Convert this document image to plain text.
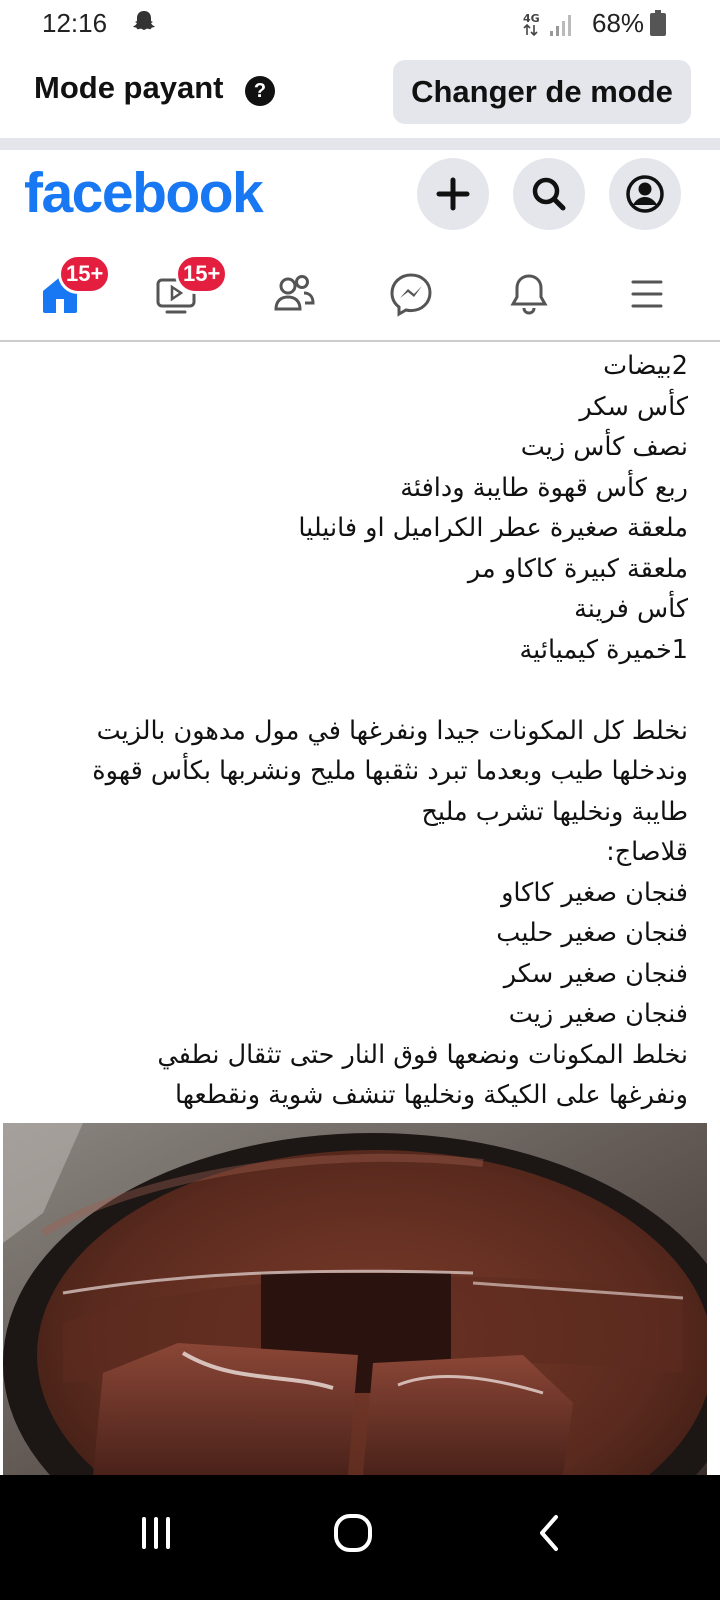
12:16	4G 68%
Mode payant	?	Changer de mode
facebook
15+	15+
2بيضات
كأس سكر
نصف كأس زيت
ربع كأس قهوة طايبة ودافئة
ملعقة صغيرة عطر الكراميل او فانيليا
ملعقة كبيرة كاكاو مر
كأس فرينة
1خميرة كيميائية
نخلط كل المكونات جيدا ونفرغها في مول مدهون بالزيت
وندخلها طيب وبعدما تبرد نثقبها مليح ونشربها بكأس قهوة
طايبة ونخليها تشرب مليح
قلاصاج:
فنجان صغير كاكاو
فنجان صغير حليب
فنجان صغير سكر
فنجان صغير زيت
نخلط المكونات ونضعها فوق النار حتى تثقال نطفي
ونفرغها على الكيكة ونخليها تنشف شوية ونقطعها
